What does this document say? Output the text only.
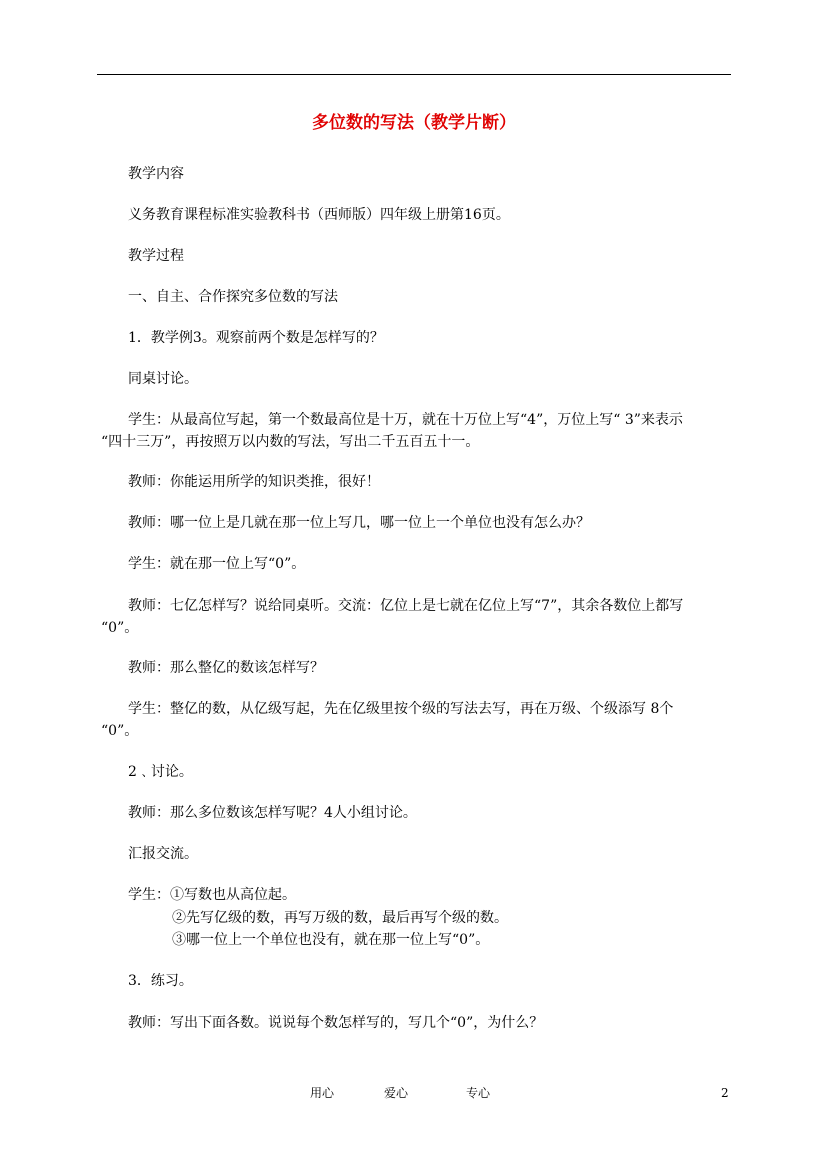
多位数的写法（教学片断）
教学内容
义务教育课程标准实验教科书（西师版）四年级上册第16页。
教学过程
一、自主、合作探究多位数的写法
1．教学例3。观察前两个数是怎样写的？
同桌讨论。
学生：从最高位写起，第一个数最高位是十万，就在十万位上写“4”，万位上写“ 3”来表示
“四十三万”，再按照万以内数的写法，写出二千五百五十一。
教师：你能运用所学的知识类推，很好！
教师：哪一位上是几就在那一位上写几，哪一位上一个单位也没有怎么办？
学生：就在那一位上写“0”。
教师：七亿怎样写？说给同桌听。交流：亿位上是七就在亿位上写“7”，其余各数位上都写
“0”。
教师：那么整亿的数该怎样写？
学生：整亿的数，从亿级写起，先在亿级里按个级的写法去写，再在万级、个级添写 8个
“0”。
2﹑讨论。
教师：那么多位数该怎样写呢？4人小组讨论。
汇报交流。
学生：①写数也从高位起。
②先写亿级的数，再写万级的数，最后再写个级的数。
③哪一位上一个单位也没有，就在那一位上写“0”。
3．练习。
教师：写出下面各数。说说每个数怎样写的，写几个“0”，为什么？
用心	爱心	专心	2
